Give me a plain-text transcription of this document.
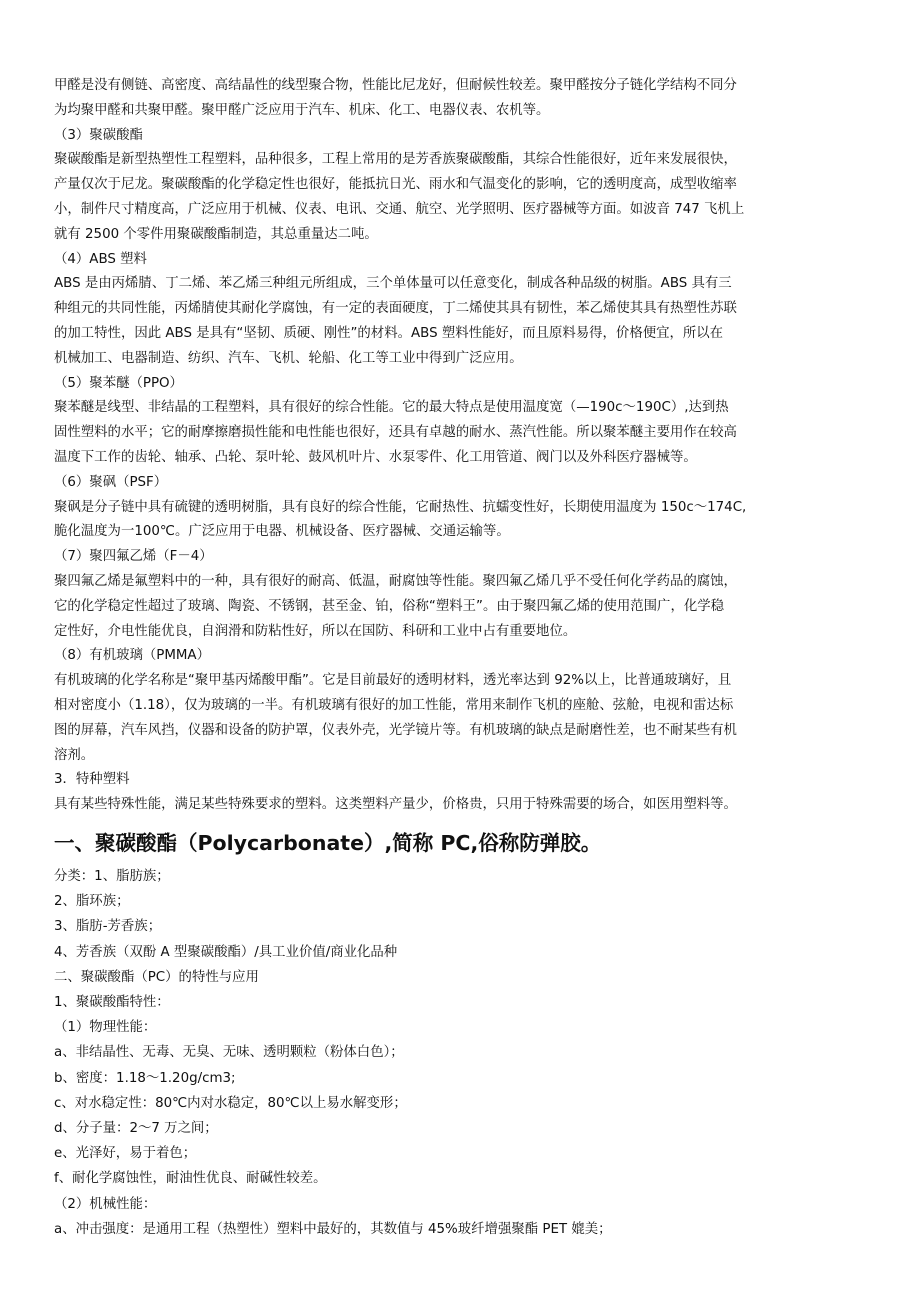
甲醛是没有侧链、高密度、高结晶性的线型聚合物，性能比尼龙好，但耐候性较差。聚甲醛按分子链化学结构不同分

为均聚甲醛和共聚甲醛。聚甲醛广泛应用于汽车、机床、化工、电器仪表、农机等。

（3）聚碳酸酯

聚碳酸酯是新型热塑性工程塑料，品种很多，工程上常用的是芳香族聚碳酸酯，其综合性能很好，近年来发展很快，

产量仅次于尼龙。聚碳酸酯的化学稳定性也很好，能抵抗日光、雨水和气温变化的影响，它的透明度高，成型收缩率

小，制件尺寸精度高，广泛应用于机械、仪表、电讯、交通、航空、光学照明、医疗器械等方面。如波音 747 飞机上

就有 2500 个零件用聚碳酸酯制造，其总重量达二吨。

（4）ABS 塑料

ABS 是由丙烯腈、丁二烯、苯乙烯三种组元所组成，三个单体量可以任意变化，制成各种品级的树脂。ABS 具有三

种组元的共同性能，丙烯腈使其耐化学腐蚀，有一定的表面硬度，丁二烯使其具有韧性，苯乙烯使其具有热塑性苏联

的加工特性，因此 ABS 是具有“坚韧、质硬、刚性”的材料。ABS 塑料性能好，而且原料易得，价格便宜，所以在

机械加工、电器制造、纺织、汽车、飞机、轮船、化工等工业中得到广泛应用。

（5）聚苯醚（PPO）

聚苯醚是线型、非结晶的工程塑料，具有很好的综合性能。它的最大特点是使用温度宽（—190c～190C）,达到热

固性塑料的水平；它的耐摩擦磨损性能和电性能也很好，还具有卓越的耐水、蒸汽性能。所以聚苯醚主要用作在较高

温度下工作的齿轮、轴承、凸轮、泵叶轮、鼓风机叶片、水泵零件、化工用管道、阀门以及外科医疗器械等。

（6）聚砜（PSF）

聚砜是分子链中具有硫键的透明树脂，具有良好的综合性能，它耐热性、抗蠕变性好，长期使用温度为 150c～174C,

脆化温度为一100℃。广泛应用于电器、机械设备、医疗器械、交通运输等。

（7）聚四氟乙烯（F－4）

聚四氟乙烯是氟塑料中的一种，具有很好的耐高、低温，耐腐蚀等性能。聚四氟乙烯几乎不受任何化学药品的腐蚀，

它的化学稳定性超过了玻璃、陶瓷、不锈钢，甚至金、铂，俗称“塑料王”。由于聚四氟乙烯的使用范围广，化学稳

定性好，介电性能优良，自润滑和防粘性好，所以在国防、科研和工业中占有重要地位。

（8）有机玻璃（PMMA）

有机玻璃的化学名称是“聚甲基丙烯酸甲酯”。它是目前最好的透明材料，透光率达到 92%以上，比普通玻璃好，且

相对密度小（1.18），仅为玻璃的一半。有机玻璃有很好的加工性能，常用来制作飞机的座舱、弦舱，电视和雷达标

图的屏幕，汽车风挡，仪器和设备的防护罩，仪表外壳，光学镜片等。有机玻璃的缺点是耐磨性差，也不耐某些有机

溶剂。

3．特种塑料

具有某些特殊性能，满足某些特殊要求的塑料。这类塑料产量少，价格贵，只用于特殊需要的场合，如医用塑料等。

一、聚碳酸酯（Polycarbonate）,简称 PC,俗称防弹胶。

分类：1、脂肪族；

2、脂环族；

3、脂肪-芳香族；

4、芳香族（双酚 A 型聚碳酸酯）/具工业价值/商业化品种

二、聚碳酸酯（PC）的特性与应用

1、聚碳酸酯特性：

（1）物理性能：

a、非结晶性、无毒、无臭、无味、透明颗粒（粉体白色）；

b、密度：1.18～1.20g/cm3;

c、对水稳定性：80℃内对水稳定，80℃以上易水解变形；

d、分子量：2～7 万之间；

e、光泽好，易于着色；

f、耐化学腐蚀性，耐油性优良、耐碱性较差。

（2）机械性能：

a、冲击强度：是通用工程（热塑性）塑料中最好的，其数值与 45%玻纤增强聚酯 PET 媲美；
